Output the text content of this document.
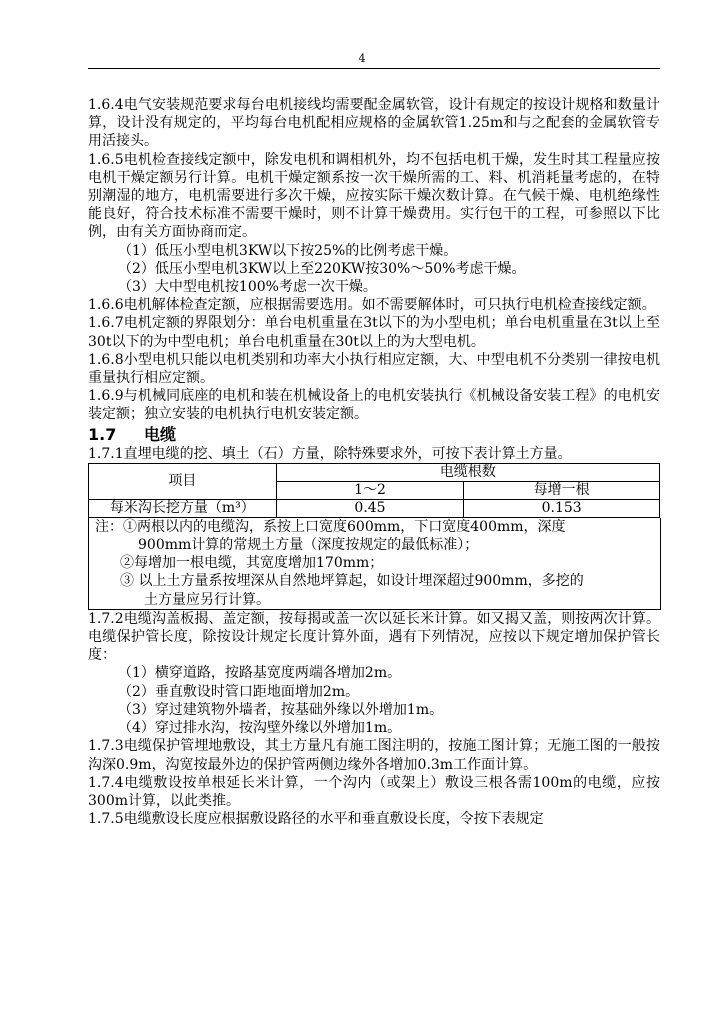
4

1.6.4电气安装规范要求每台电机接线均需要配金属软管，设计有规定的按设计规格和数量计算，设计没有规定的，平均每台电机配相应规格的金属软管1.25m和与之配套的金属软管专用活接头。

1.6.5电机检查接线定额中，除发电机和调相机外，均不包括电机干燥，发生时其工程量应按电机干燥定额另行计算。电机干燥定额系按一次干燥所需的工、料、机消耗量考虑的，在特别潮湿的地方，电机需要进行多次干燥，应按实际干燥次数计算。在气候干燥、电机绝缘性能良好，符合技术标准不需要干燥时，则不计算干燥费用。实行包干的工程，可参照以下比例，由有关方面协商而定。

（1）低压小型电机3KW以下按25%的比例考虑干燥。

（2）低压小型电机3KW以上至220KW按30%～50%考虑干燥。

（3）大中型电机按100%考虑一次干燥。

1.6.6电机解体检查定额，应根据需要选用。如不需要解体时，可只执行电机检查接线定额。

1.6.7电机定额的界限划分：单台电机重量在3t以下的为小型电机；单台电机重量在3t以上至30t以下的为中型电机；单台电机重量在30t以上的为大型电机。

1.6.8小型电机只能以电机类别和功率大小执行相应定额，大、中型电机不分类别一律按电机重量执行相应定额。

1.6.9与机械同底座的电机和装在机械设备上的电机安装执行《机械设备安装工程》的电机安装定额；独立安装的电机执行电机安装定额。

1.7 电缆

1.7.1直埋电缆的挖、填土（石）方量，除特殊要求外，可按下表计算土方量。

项目	电缆根数	
	1～2	每增一根
每米沟长挖方量（m³）	0.45	0.153

注：①两根以内的电缆沟，系按上口宽度600mm，下口宽度400mm，深度

900mm计算的常规土方量（深度按规定的最低标准）；

②每增加一根电缆，其宽度增加170mm；

③ 以上土方量系按埋深从自然地坪算起，如设计埋深超过900mm，多挖的

土方量应另行计算。

1.7.2电缆沟盖板揭、盖定额，按每揭或盖一次以延长米计算。如又揭又盖，则按两次计算。电缆保护管长度，除按设计规定长度计算外面，遇有下列情况，应按以下规定增加保护管长度：

（1）横穿道路，按路基宽度两端各增加2m。

（2）垂直敷设时管口距地面增加2m。

（3）穿过建筑物外墙者，按基础外缘以外增加1m。

（4）穿过排水沟，按沟壁外缘以外增加1m。

1.7.3电缆保护管埋地敷设，其土方量凡有施工图注明的，按施工图计算；无施工图的一般按沟深0.9m，沟宽按最外边的保护管两侧边缘外各增加0.3m工作面计算。

1.7.4电缆敷设按单根延长米计算，一个沟内（或架上）敷设三根各需100m的电缆，应按300m计算，以此类推。

1.7.5电缆敷设长度应根据敷设路径的水平和垂直敷设长度，令按下表规定
